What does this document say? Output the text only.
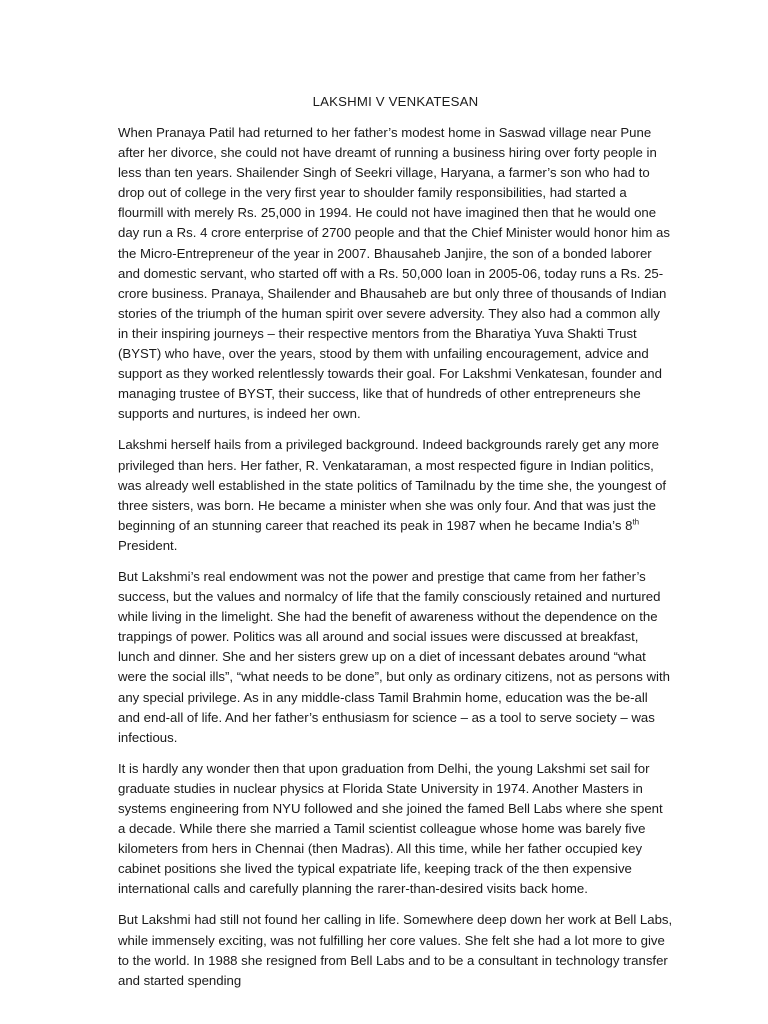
LAKSHMI V VENKATESAN

When Pranaya Patil had returned to her father’s modest home in Saswad village near Pune after her divorce, she could not have dreamt of running a business hiring over forty people in less than ten years. Shailender Singh of Seekri village, Haryana, a farmer’s son who had to drop out of college in the very first year to shoulder family responsibilities, had started a flourmill with merely Rs. 25,000 in 1994. He could not have imagined then that he would one day run a Rs. 4 crore enterprise of 2700 people and that the Chief Minister would honor him as the Micro-Entrepreneur of the year in 2007. Bhausaheb Janjire, the son of a bonded laborer and domestic servant, who started off with a Rs. 50,000 loan in 2005-06, today runs a Rs. 25-crore business. Pranaya, Shailender and Bhausaheb are but only three of thousands of Indian stories of the triumph of the human spirit over severe adversity. They also had a common ally in their inspiring journeys – their respective mentors from the Bharatiya Yuva Shakti Trust (BYST) who have, over the years, stood by them with unfailing encouragement, advice and support as they worked relentlessly towards their goal. For Lakshmi Venkatesan, founder and managing trustee of BYST, their success, like that of hundreds of other entrepreneurs she supports and nurtures, is indeed her own.

Lakshmi herself hails from a privileged background. Indeed backgrounds rarely get any more privileged than hers. Her father, R. Venkataraman, a most respected figure in Indian politics, was already well established in the state politics of Tamilnadu by the time she, the youngest of three sisters, was born. He became a minister when she was only four. And that was just the beginning of an stunning career that reached its peak in 1987 when he became India’s 8th President.

But Lakshmi’s real endowment was not the power and prestige that came from her father’s success, but the values and normalcy of life that the family consciously retained and nurtured while living in the limelight. She had the benefit of awareness without the dependence on the trappings of power. Politics was all around and social issues were discussed at breakfast, lunch and dinner. She and her sisters grew up on a diet of incessant debates around “what were the social ills”, “what needs to be done”, but only as ordinary citizens, not as persons with any special privilege. As in any middle-class Tamil Brahmin home, education was the be-all and end-all of life. And her father’s enthusiasm for science – as a tool to serve society – was infectious.

It is hardly any wonder then that upon graduation from Delhi, the young Lakshmi set sail for graduate studies in nuclear physics at Florida State University in 1974. Another Masters in systems engineering from NYU followed and she joined the famed Bell Labs where she spent a decade. While there she married a Tamil scientist colleague whose home was barely five kilometers from hers in Chennai (then Madras). All this time, while her father occupied key cabinet positions she lived the typical expatriate life, keeping track of the then expensive international calls and carefully planning the rarer-than-desired visits back home.

But Lakshmi had still not found her calling in life. Somewhere deep down her work at Bell Labs, while immensely exciting, was not fulfilling her core values. She felt she had a lot more to give to the world. In 1988 she resigned from Bell Labs and to be a consultant in technology transfer and started spending
